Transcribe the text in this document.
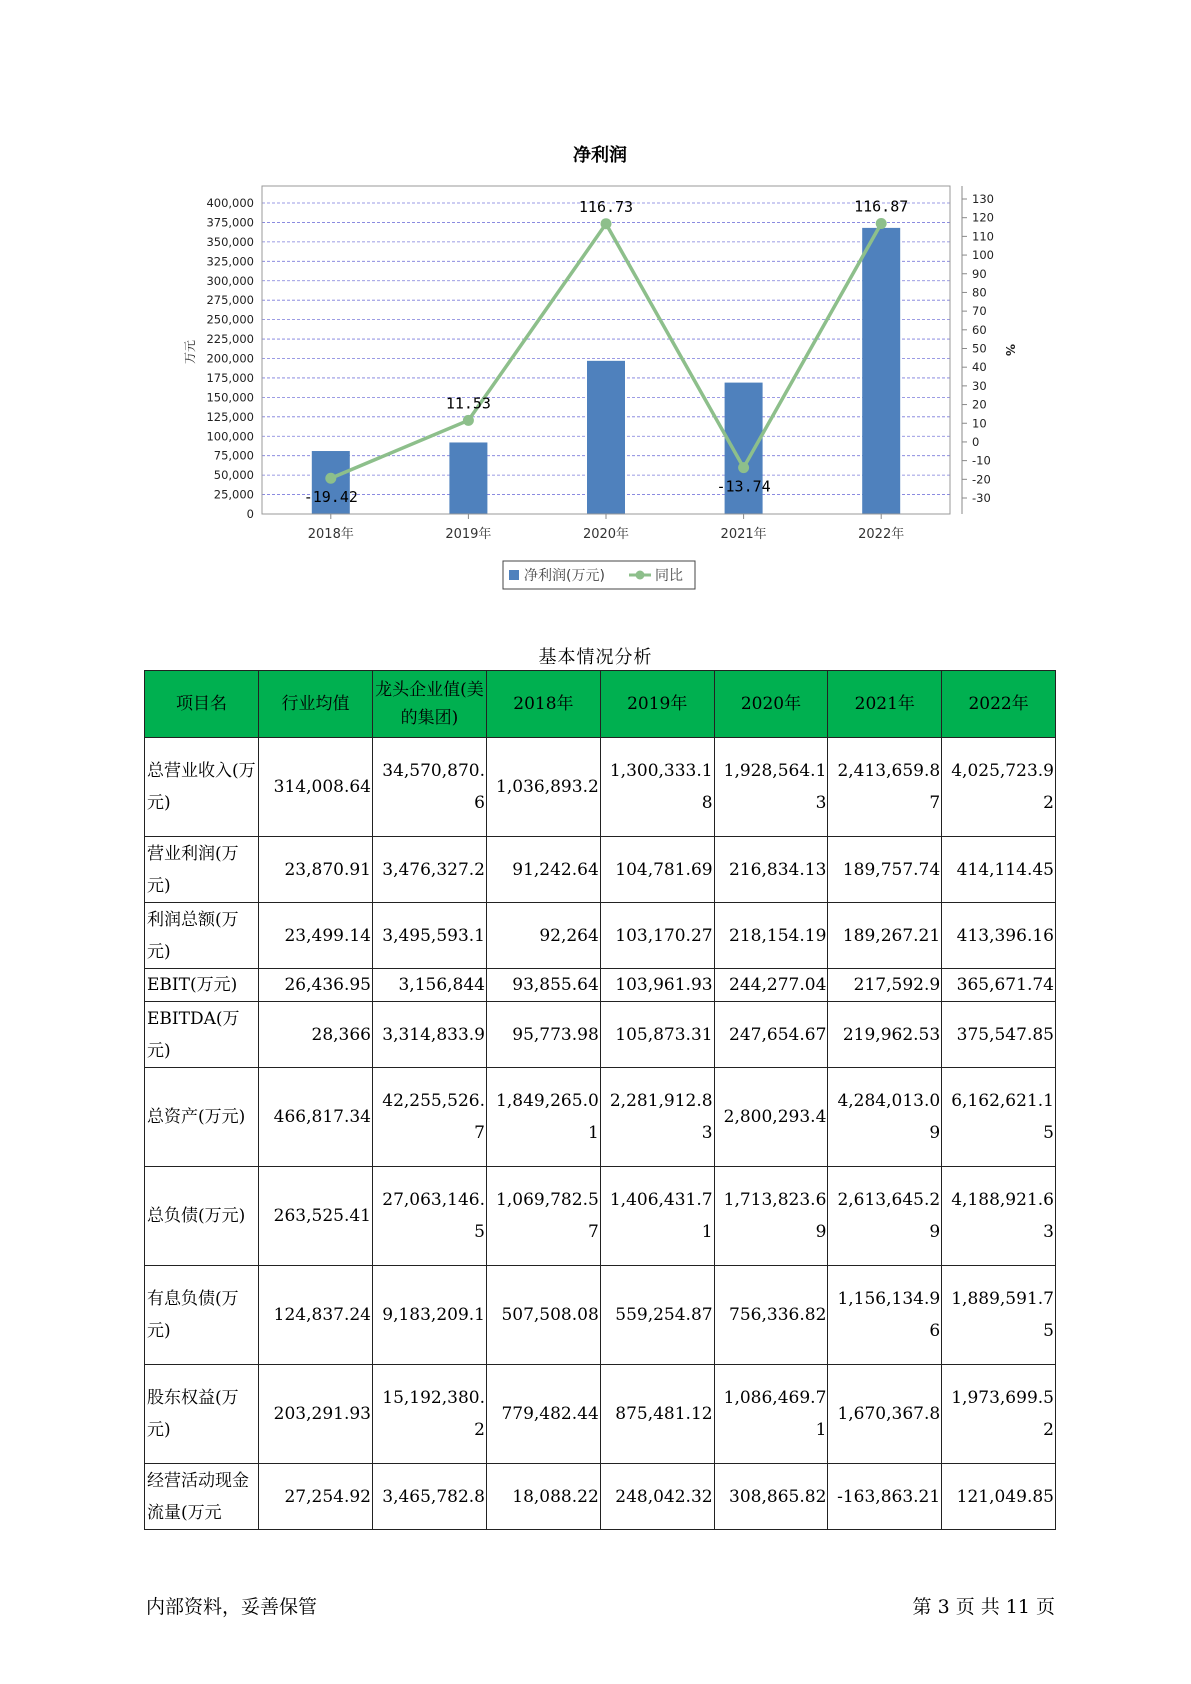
净利润
-19.42
11.53
116.73
-13.74
116.87
0
25,000
50,000
75,000
100,000
125,000
150,000
175,000
200,000
225,000
250,000
275,000
300,000
325,000
350,000
375,000
400,000
-30
-20
-10
0
10
20
30
40
50
60
70
80
90
100
110
120
130
万元	%
2018年	2019年	2020年	2021年	2022年
净利润(万元)	同比
基本情况分析
项目名	行业均值	龙头企业值(美的集团)	2018年	2019年	2020年	2021年	2022年
总营业收入(万元)	314,008.64	34,570,870.6	1,036,893.2	1,300,333.18	1,928,564.13	2,413,659.87	4,025,723.92
营业利润(万元)	23,870.91	3,476,327.2	91,242.64	104,781.69	216,834.13	189,757.74	414,114.45
利润总额(万元)	23,499.14	3,495,593.1	92,264	103,170.27	218,154.19	189,267.21	413,396.16
EBIT(万元)	26,436.95	3,156,844	93,855.64	103,961.93	244,277.04	217,592.9	365,671.74
EBITDA(万元)	28,366	3,314,833.9	95,773.98	105,873.31	247,654.67	219,962.53	375,547.85
总资产(万元)	466,817.34	42,255,526.7	1,849,265.01	2,281,912.83	2,800,293.4	4,284,013.09	6,162,621.15
总负债(万元)	263,525.41	27,063,146.5	1,069,782.57	1,406,431.71	1,713,823.69	2,613,645.29	4,188,921.63
有息负债(万元)	124,837.24	9,183,209.1	507,508.08	559,254.87	756,336.82	1,156,134.96	1,889,591.75
股东权益(万元)	203,291.93	15,192,380.2	779,482.44	875,481.12	1,086,469.71	1,670,367.8	1,973,699.52
经营活动现金流量(万元	27,254.92	3,465,782.8	18,088.22	248,042.32	308,865.82	-163,863.21	121,049.85
内部资料，妥善保管	第 3 页 共 11 页
